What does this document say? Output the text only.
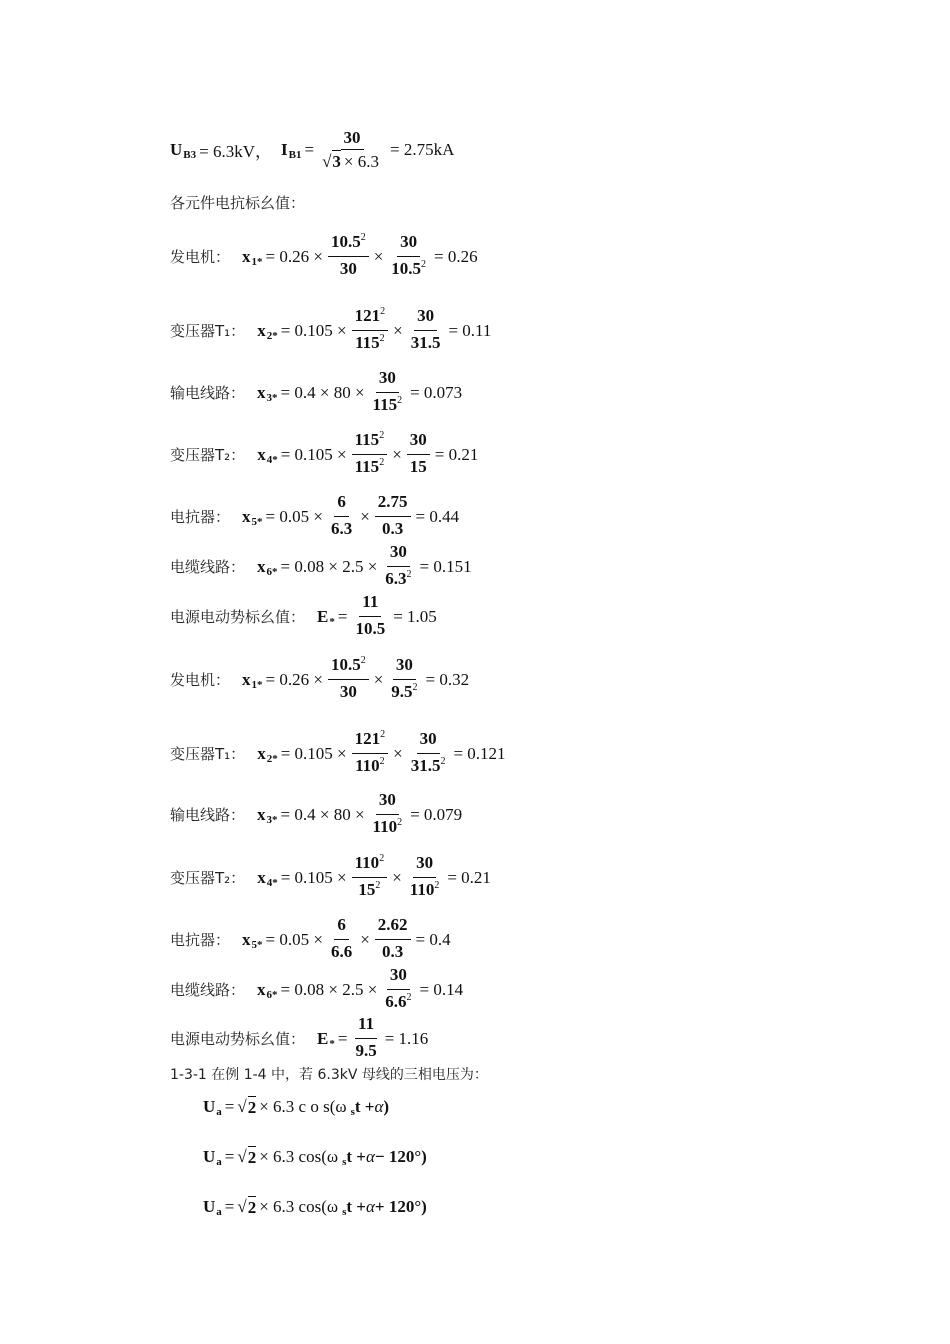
U B3 = 6.3kV， I $B1 = \frac{30}{√3 \times 6.3} = 2.75kA$
各元件电抗标幺值：
发电机： x $1* = 0.26 \times \frac{10.5^2}{30} \times \frac{30}{10.5^2} = 0.26$
变压器T₁： x $2* = 0.105 \times \frac{121^2}{115^2} \times \frac{30}{31.5} = 0.11$
输电线路： x $3* = 0.4 \times 80 \times \frac{30}{115^2} = 0.073$
变压器T₂： x $4* = 0.105 \times \frac{115^2}{115^2} \times \frac{30}{15} = 0.21$
电抗器： x $5* = 0.05 \times \frac{6}{6.3} \times \frac{2.75}{0.3} = 0.44$
电缆线路： x $6* = 0.08 \times 2.5 \times \frac{30}{6.3^2} = 0.151$
电源电动势标幺值： E * = $\frac{11}{10.5} = 1.05$
发电机： x $1* = 0.26 \times \frac{10.5^2}{30} \times \frac{30}{9.5^2} = 0.32$
变压器T₁： x $2* = 0.105 \times \frac{121^2}{110^2} \times \frac{30}{31.5^2} = 0.121$
输电线路： x $3* = 0.4 \times 80 \times \frac{30}{110^2} = 0.079$
变压器T₂： x $4* = 0.105 \times \frac{110^2}{15^2} \times \frac{30}{110^2} = 0.21$
电抗器： x $5* = 0.05 \times \frac{6}{6.6} \times \frac{2.62}{0.3} = 0.4$
电缆线路： x $6* = 0.08 \times 2.5 \times \frac{30}{6.6^2} = 0.14$
电源电动势标幺值： E * = $\frac{11}{9.5} = 1.16$
1-3-1 在例 1-4 中，若 6.3kV 母线的三相电压为：
U a = √ 2 × 6.3 c o s(ω s t + α )
U a = √ 2 × 6.3 cos(ω s t + α − 120°)
U a = √ 2 × 6.3 cos(ω s t + α + 120°)
